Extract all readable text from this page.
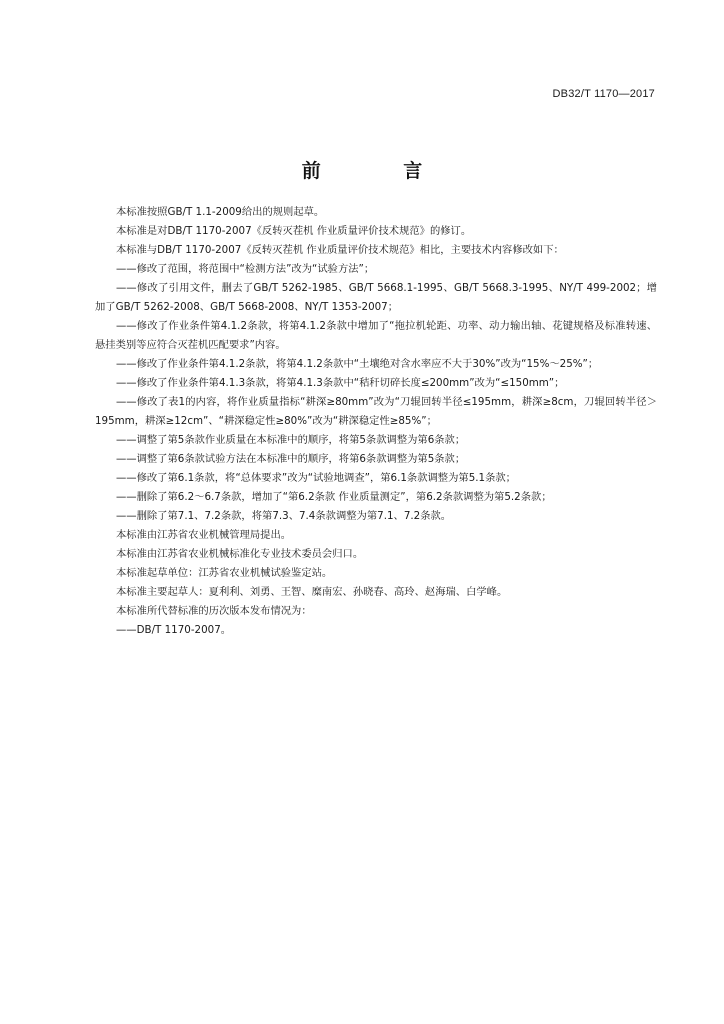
DB32/T 1170—2017
前 言

本标准按照GB/T 1.1-2009给出的规则起草。

本标准是对DB/T 1170-2007《反转灭茬机 作业质量评价技术规范》的修订。

本标准与DB/T 1170-2007《反转灭茬机 作业质量评价技术规范》相比，主要技术内容修改如下：

——修改了范围，将范围中“检测方法”改为“试验方法”；

——修改了引用文件，删去了GB/T 5262-1985、GB/T 5668.1-1995、GB/T 5668.3-1995、NY/T 499-2002；增加了GB/T 5262-2008、GB/T 5668-2008、NY/T 1353-2007；

——修改了作业条件第4.1.2条款，将第4.1.2条款中增加了“拖拉机轮距、功率、动力输出轴、花键规格及标准转速、悬挂类别等应符合灭茬机匹配要求”内容。

——修改了作业条件第4.1.2条款，将第4.1.2条款中“土壤绝对含水率应不大于30%”改为“15%～25%”；

——修改了作业条件第4.1.3条款，将第4.1.3条款中“秸秆切碎长度≤200mm”改为“≤150mm”；

——修改了表1的内容，将作业质量指标“耕深≥80mm”改为“刀辊回转半径≤195mm，耕深≥8cm，刀辊回转半径＞195mm，耕深≥12cm”、“耕深稳定性≥80%”改为“耕深稳定性≥85%”；

——调整了第5条款作业质量在本标准中的顺序，将第5条款调整为第6条款；

——调整了第6条款试验方法在本标准中的顺序，将第6条款调整为第5条款；

——修改了第6.1条款，将“总体要求”改为“试验地调查”，第6.1条款调整为第5.1条款；

——删除了第6.2～6.7条款，增加了“第6.2条款 作业质量测定”，第6.2条款调整为第5.2条款；

——删除了第7.1、7.2条款，将第7.3、7.4条款调整为第7.1、7.2条款。

本标准由江苏省农业机械管理局提出。

本标准由江苏省农业机械标准化专业技术委员会归口。

本标准起草单位：江苏省农业机械试验鉴定站。

本标准主要起草人：夏利利、刘勇、王智、糜南宏、孙晓春、高玲、赵海瑞、白学峰。

本标准所代替标准的历次版本发布情况为：

——DB/T 1170-2007。
